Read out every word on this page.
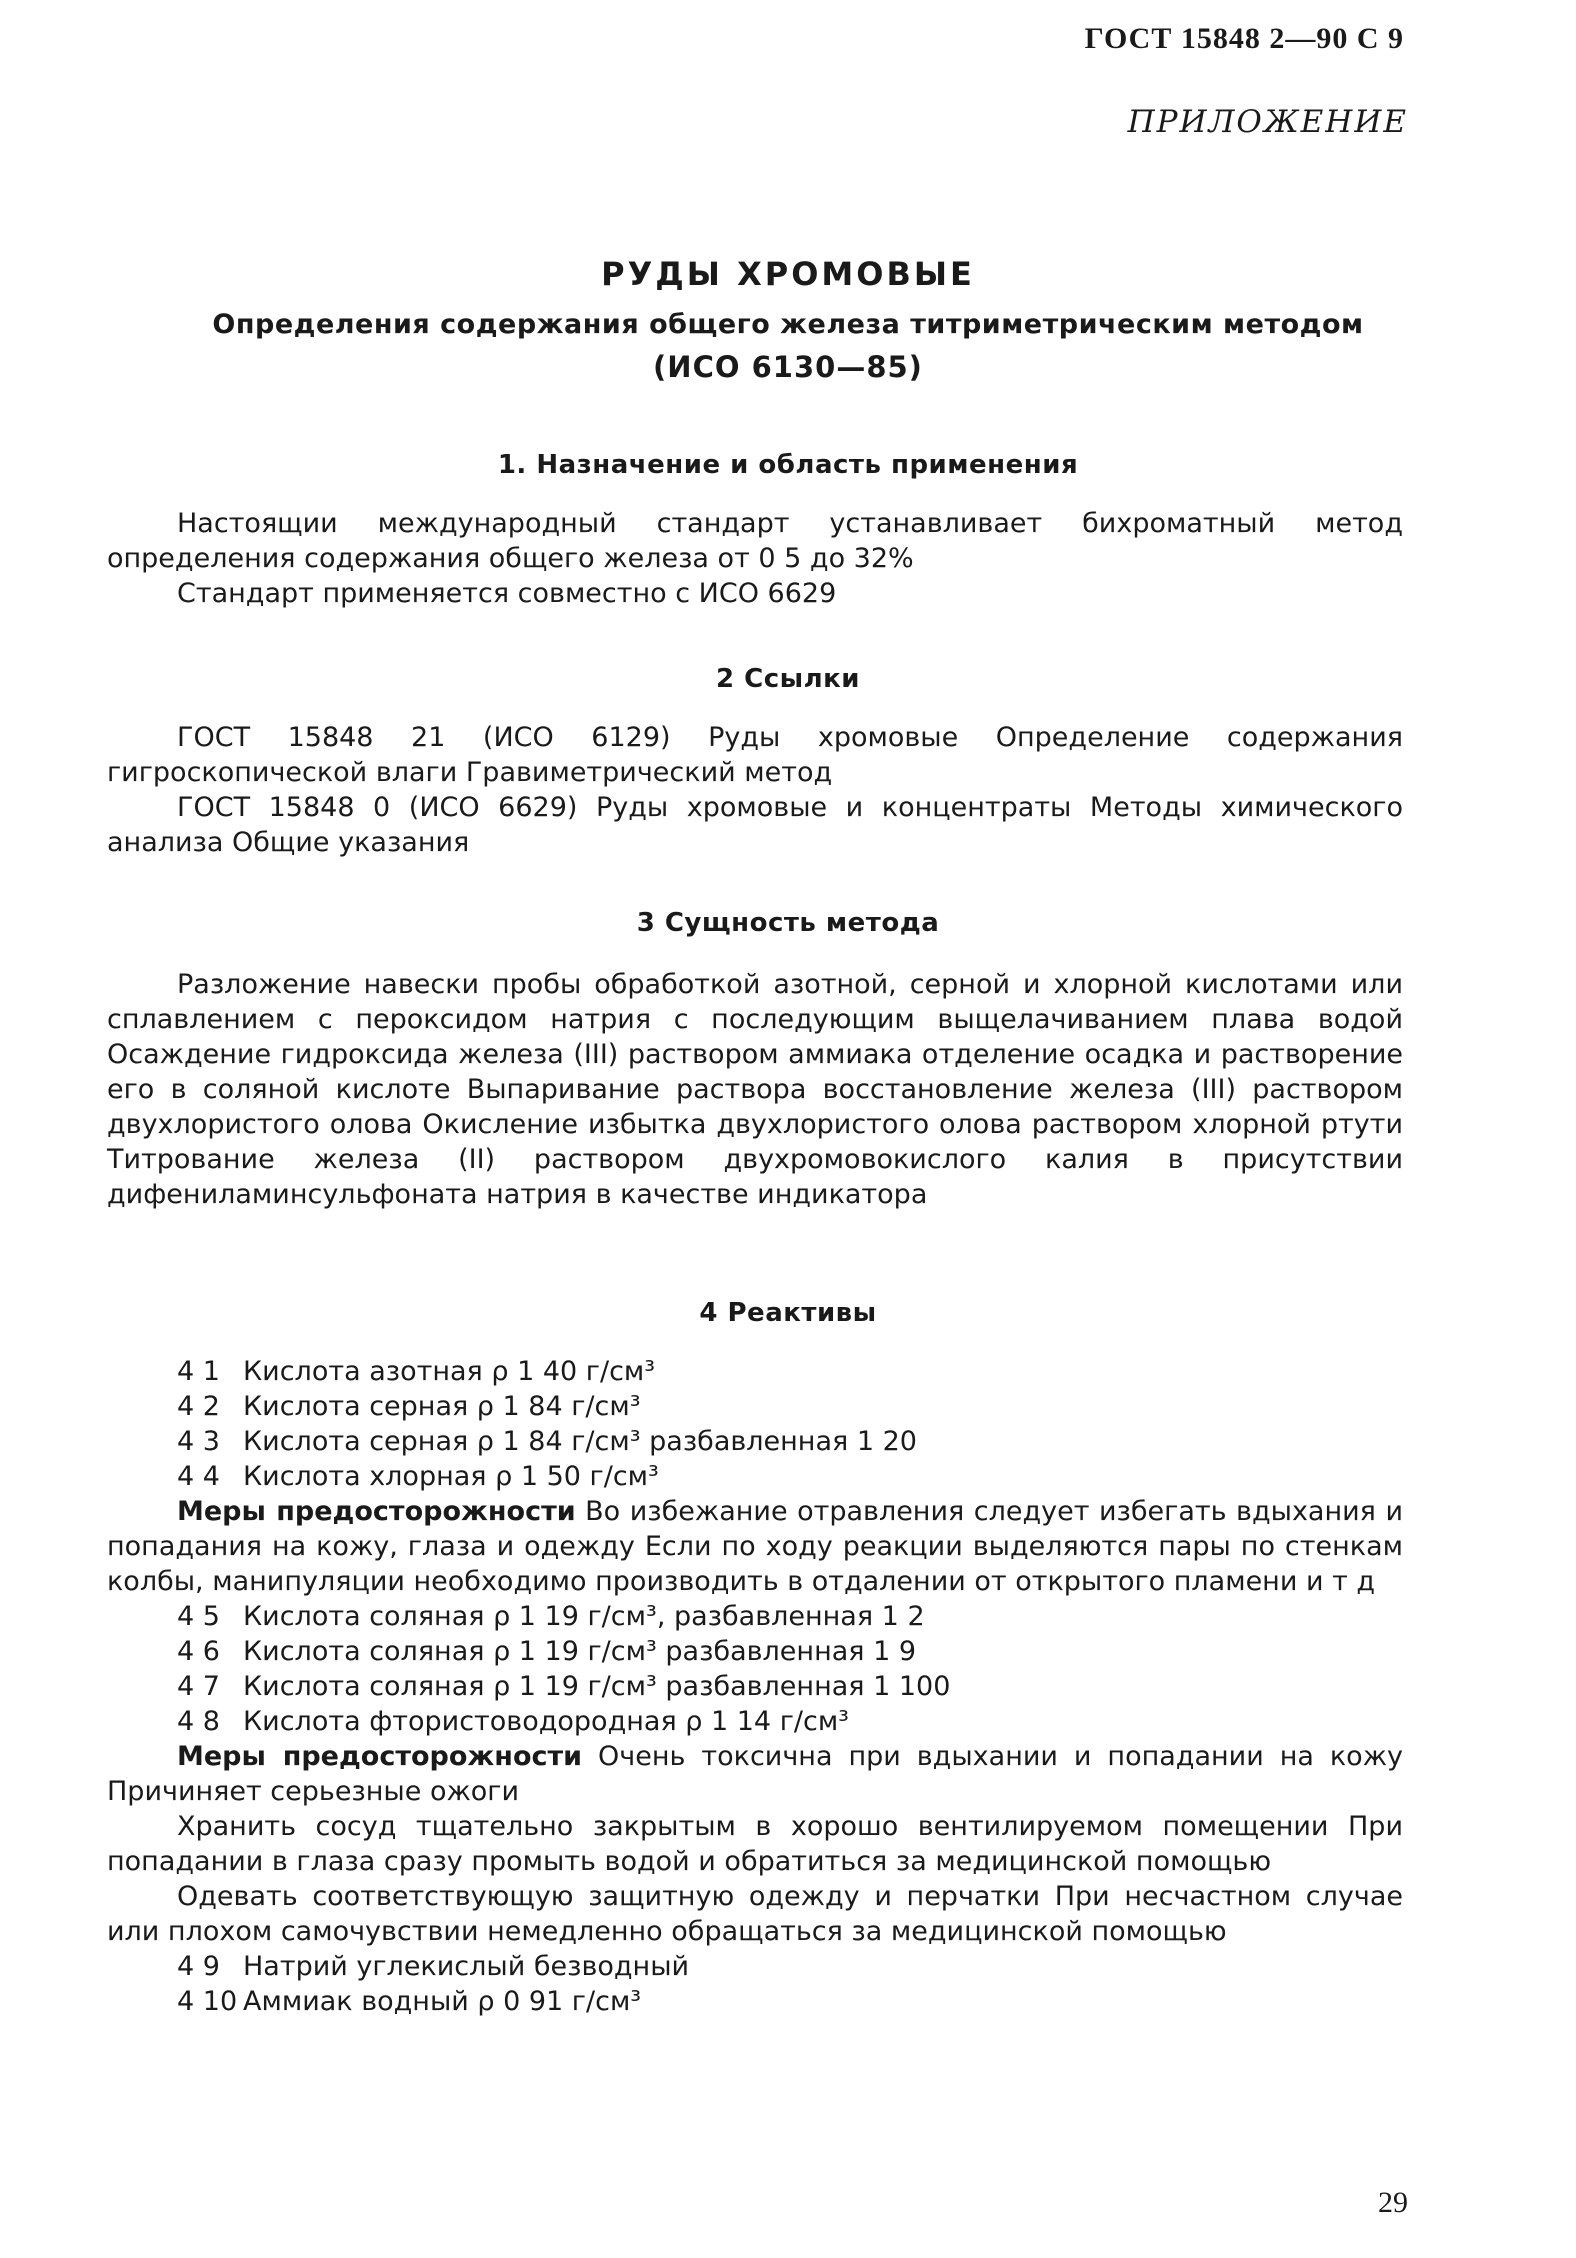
ГОСТ 15848 2—90 С 9
ПРИЛОЖЕНИЕ
РУДЫ ХРОМОВЫЕ
Определения содержания общего железа титриметрическим методом
(ИСО 6130—85)
1. Назначение и область применения

Настоящии международный стандарт устанавливает бихроматный метод определения содержания общего железа от 0 5 до 32%

Стандарт применяется совместно с ИСО 6629

2 Ссылки

ГОСТ 15848 21 (ИСО 6129) Руды хромовые Определение содержания гигроскопической влаги Гравиметрический метод

ГОСТ 15848 0 (ИСО 6629) Руды хромовые и концентраты Методы химического анализа Общие указания

3 Сущность метода

Разложение навески пробы обработкой азотной, серной и хлорной кислотами или сплавлением с пероксидом натрия с последующим выщелачиванием плава водой Осаждение гидроксида железа (III) раствором аммиака отделение осадка и растворение его в соляной кислоте Выпаривание раствора восстановление железа (III) раствором двухлористого олова Окисление избытка двухлористого олова раствором хлорной ртути Титрование железа (II) раствором двухромовокислого калия в присутствии дифениламинсульфоната натрия в качестве индикатора

4 Реактивы
4 1 Кислота азотная ρ 1 40 г/см³
4 2 Кислота серная ρ 1 84 г/см³
4 3 Кислота серная ρ 1 84 г/см³ разбавленная 1 20
4 4 Кислота хлорная ρ 1 50 г/см³

Меры предосторожности Во избежание отравления следует избегать вдыхания и попадания на кожу, глаза и одежду Если по ходу реакции выделяются пары по стенкам колбы, манипуляции необходимо производить в отдалении от открытого пламени и т д

4 5 Кислота соляная ρ 1 19 г/см³, разбавленная 1 2
4 6 Кислота соляная ρ 1 19 г/см³ разбавленная 1 9
4 7 Кислота соляная ρ 1 19 г/см³ разбавленная 1 100
4 8 Кислота фтористоводородная ρ 1 14 г/см³

Меры предосторожности Очень токсична при вдыхании и попадании на кожу Причиняет серьезные ожоги

Хранить сосуд тщательно закрытым в хорошо вентилируемом помещении При попадании в глаза сразу промыть водой и обратиться за медицинской помощью

Одевать соответствующую защитную одежду и перчатки При несчастном случае или плохом самочувствии немедленно обращаться за медицинской помощью

4 9 Натрий углекислый безводный
4 10 Аммиак водный ρ 0 91 г/см³
29
